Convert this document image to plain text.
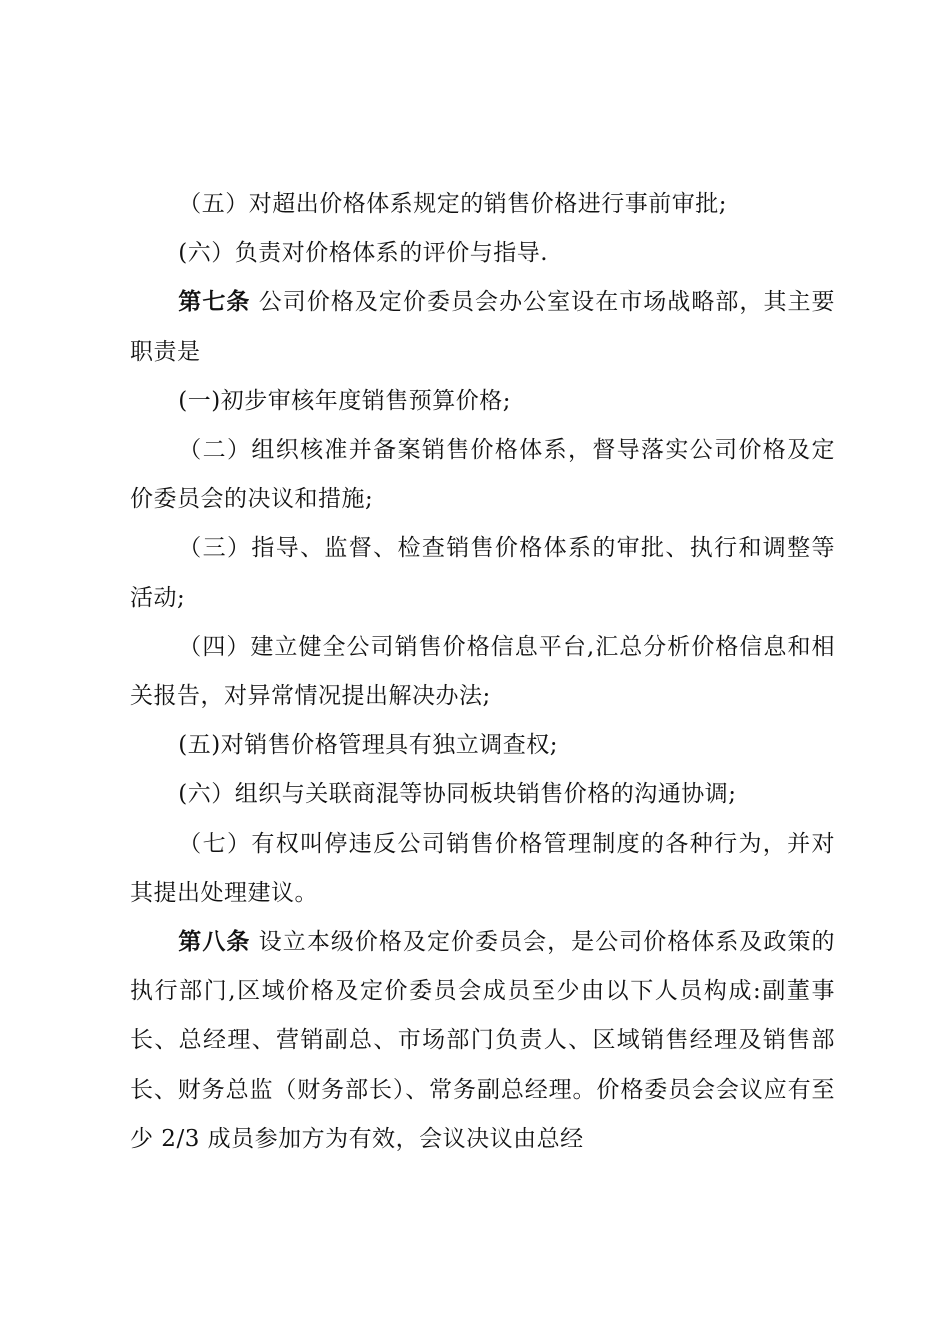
（五）对超出价格体系规定的销售价格进行事前审批;

(六）负责对价格体系的评价与指导.

第七条 公司价格及定价委员会办公室设在市场战略部，其主要职责是

(一)初步审核年度销售预算价格;

（二）组织核准并备案销售价格体系，督导落实公司价格及定价委员会的决议和措施;

（三）指导、监督、检查销售价格体系的审批、执行和调整等活动;

（四）建立健全公司销售价格信息平台,汇总分析价格信息和相关报告，对异常情况提出解决办法;

(五)对销售价格管理具有独立调查权;

(六）组织与关联商混等协同板块销售价格的沟通协调;

（七）有权叫停违反公司销售价格管理制度的各种行为，并对其提出处理建议。

第八条 设立本级价格及定价委员会，是公司价格体系及政策的执行部门,区域价格及定价委员会成员至少由以下人员构成:副董事长、总经理、营销副总、市场部门负责人、区域销售经理及销售部长、财务总监（财务部长）、常务副总经理。价格委员会会议应有至少 2/3 成员参加方为有效，会议决议由总经
